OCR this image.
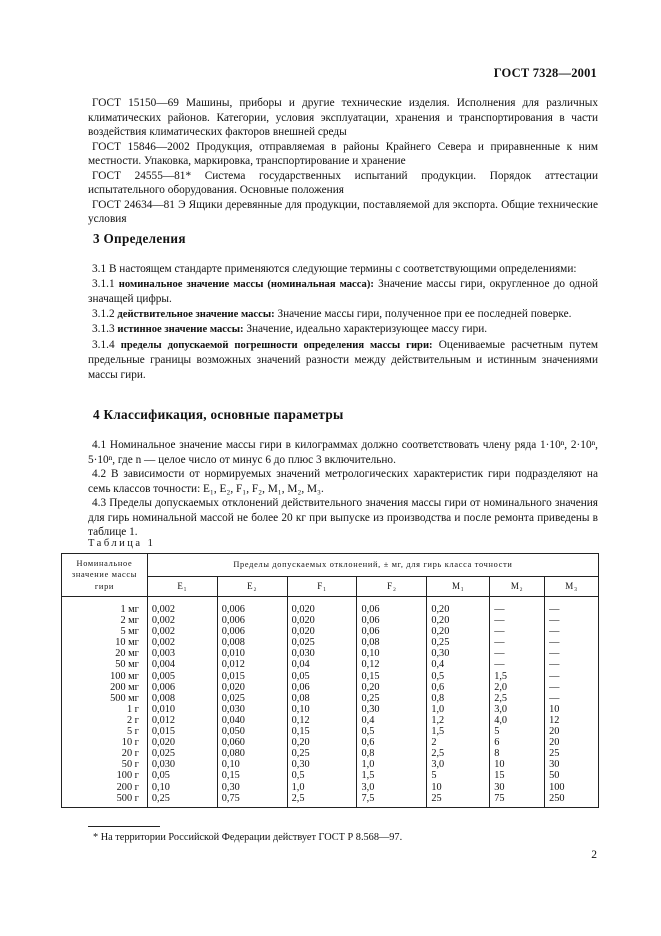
ГОСТ 7328—2001

ГОСТ 15150—69 Машины, приборы и другие технические изделия. Исполнения для различных климатических районов. Категории, условия эксплуатации, хранения и транспортирования в части воздействия климатических факторов внешней среды

ГОСТ 15846—2002 Продукция, отправляемая в районы Крайнего Севера и приравненные к ним местности. Упаковка, маркировка, транспортирование и хранение

ГОСТ 24555—81* Система государственных испытаний продукции. Порядок аттестации испытательного оборудования. Основные положения

ГОСТ 24634—81 Э Ящики деревянные для продукции, поставляемой для экспорта. Общие технические условия

3 Определения

3.1 В настоящем стандарте применяются следующие термины с соответствующими определениями:

3.1.1 номинальное значение массы (номинальная масса): Значение массы гири, округленное до одной значащей цифры.

3.1.2 действительное значение массы: Значение массы гири, полученное при ее последней поверке.

3.1.3 истинное значение массы: Значение, идеально характеризующее массу гири.

3.1.4 пределы допускаемой погрешности определения массы гири: Оцениваемые расчетным путем предельные границы возможных значений разности между действительным и истинным значениями массы гири.

4 Классификация, основные параметры

4.1 Номинальное значение массы гири в килограммах должно соответствовать члену ряда 1·10ⁿ, 2·10ⁿ, 5·10ⁿ, где n — целое число от минус 6 до плюс 3 включительно.

4.2 В зависимости от нормируемых значений метрологических характеристик гири подразделяют на семь классов точности: E₁, E₂, F₁, F₂, M₁, M₂, M₃.

4.3 Пределы допускаемых отклонений действительного значения массы гири от номинального значения для гирь номинальной массой не более 20 кг при выпуске из производства и после ремонта приведены в таблице 1.

Таблица 1
Номинальное значение массы гири	Пределы допускаемых отклонений, ± мг, для гирь класса точности						
	E₁	E₂	F₁	F₂	M₁	M₂	M₃
1 мг	0,002	0,006	0,020	0,06	0,20	—	—
2 мг	0,002	0,006	0,020	0,06	0,20	—	—
5 мг	0,002	0,006	0,020	0,06	0,20	—	—
10 мг	0,002	0,008	0,025	0,08	0,25	—	—
20 мг	0,003	0,010	0,030	0,10	0,30	—	—
50 мг	0,004	0,012	0,04	0,12	0,4	—	—
100 мг	0,005	0,015	0,05	0,15	0,5	1,5	—
200 мг	0,006	0,020	0,06	0,20	0,6	2,0	—
500 мг	0,008	0,025	0,08	0,25	0,8	2,5	—
1 г	0,010	0,030	0,10	0,30	1,0	3,0	10
2 г	0,012	0,040	0,12	0,4	1,2	4,0	12
5 г	0,015	0,050	0,15	0,5	1,5	5	20
10 г	0,020	0,060	0,20	0,6	2	6	20
20 г	0,025	0,080	0,25	0,8	2,5	8	25
50 г	0,030	0,10	0,30	1,0	3,0	10	30
100 г	0,05	0,15	0,5	1,5	5	15	50
200 г	0,10	0,30	1,0	3,0	10	30	100
500 г	0,25	0,75	2,5	7,5	25	75	250
* На территории Российской Федерации действует ГОСТ Р 8.568—97.
2
